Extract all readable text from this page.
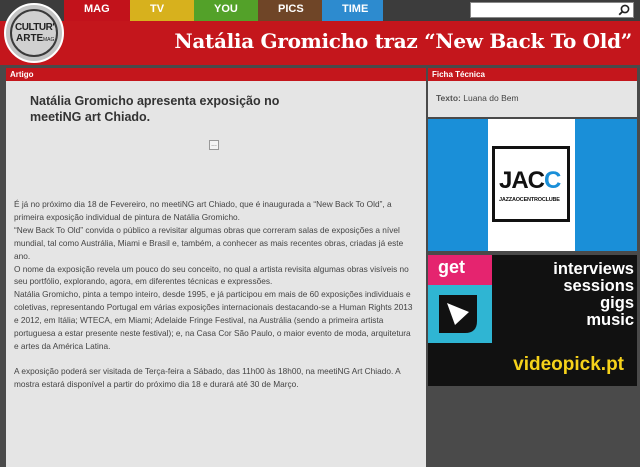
CULTUR'
ARTE MAG
MAG	TV	YOU	PICS	TIME
Natália Gromicho traz “New Back To Old”
Artigo
Natália Gromicho apresenta exposição no meetiNG art Chiado.
...

É já no próximo dia 18 de Fevereiro, no meetiNG art Chiado, que é inaugurada a “New Back To Old”, a primeira exposição individual de pintura de Natália Gromicho.

“New Back To Old” convida o público a revisitar algumas obras que correram salas de exposições a nível mundial, tal como Austrália, Miami e Brasil e, também, a conhecer as mais recentes obras, criadas já este ano.

O nome da exposição revela um pouco do seu conceito, no qual a artista revisita algumas obras visíveis no seu portfólio, explorando, agora, em diferentes técnicas e expressões.

Natália Gromicho, pinta a tempo inteiro, desde 1995, e já participou em mais de 60 exposições individuais e coletivas, representando Portugal em várias exposições internacionais destacando-se a Human Rights 2013 e 2012, em Itália; WTECA, em Miami; Adelaide Fringe Festival, na Austrália (sendo a primeira artista portuguesa a estar presente neste festival); e, na Casa Cor São Paulo, o maior evento de moda, arquitetura e artes da América Latina.

A exposição poderá ser visitada de Terça-feira a Sábado, das 11h00 às 18h00, na meetiNG Art Chiado. A mostra estará disponível a partir do próximo dia 18 e durará até 30 de Março.

Ficha Técnica
Texto: Luana do Bem
JACC
JAZZAOCENTROCLUBE
get	interviews
sessions
gigs
music
videopick.pt
